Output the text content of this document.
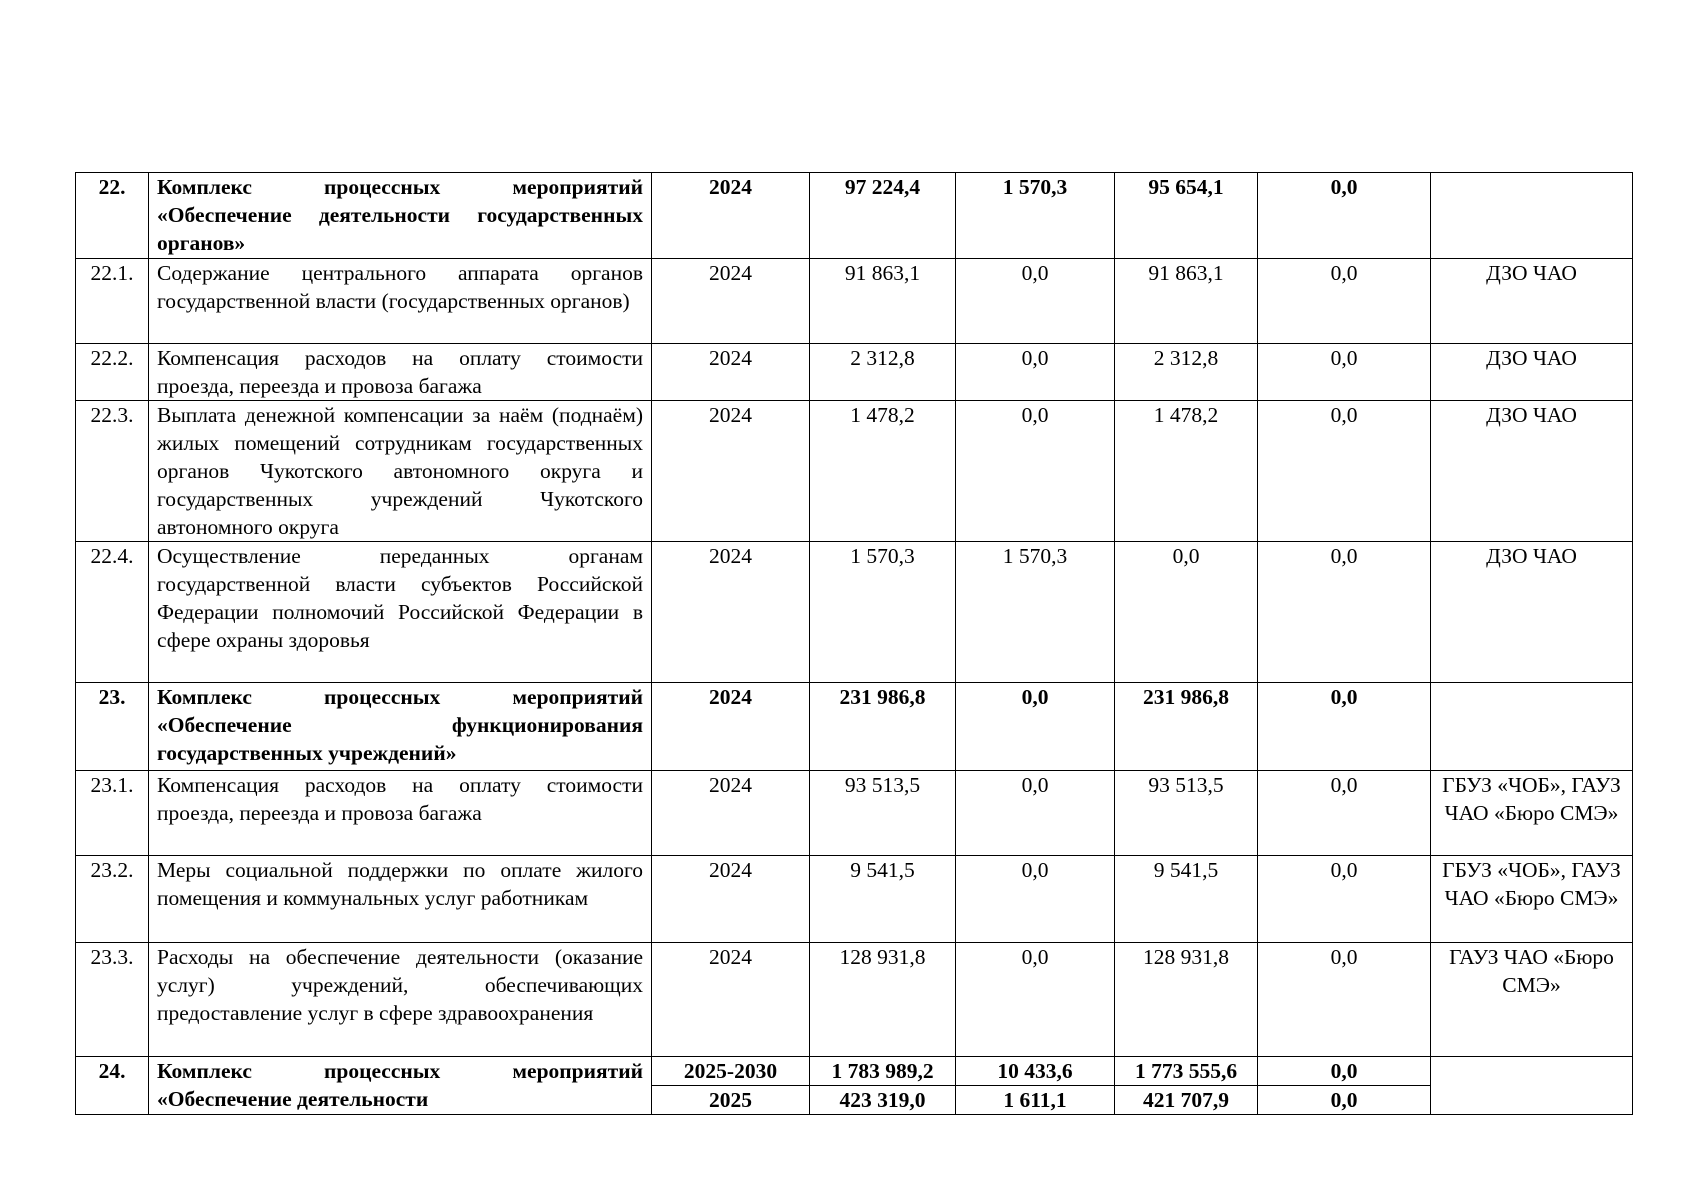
22.	Комплекс процессных мероприятий «Обеспечение деятельности государственных органов»	2024	97 224,4	1 570,3	95 654,1	0,0	
22.1.	Содержание центрального аппарата органов государственной власти (государственных органов)	2024	91 863,1	0,0	91 863,1	0,0	ДЗО ЧАО
22.2.	Компенсация расходов на оплату стоимости проезда, переезда и провоза багажа	2024	2 312,8	0,0	2 312,8	0,0	ДЗО ЧАО
22.3.	Выплата денежной компенсации за наём (поднаём) жилых помещений сотрудникам государственных органов Чукотского автономного округа и государственных учреждений Чукотского автономного округа	2024	1 478,2	0,0	1 478,2	0,0	ДЗО ЧАО
22.4.	Осуществление переданных органам государственной власти субъектов Российской Федерации полномочий Российской Федерации в сфере охраны здоровья	2024	1 570,3	1 570,3	0,0	0,0	ДЗО ЧАО
23.	Комплекс процессных мероприятий «Обеспечение функционирования государственных учреждений»	2024	231 986,8	0,0	231 986,8	0,0	
23.1.	Компенсация расходов на оплату стоимости проезда, переезда и провоза багажа	2024	93 513,5	0,0	93 513,5	0,0	ГБУЗ «ЧОБ», ГАУЗ ЧАО «Бюро СМЭ»
23.2.	Меры социальной поддержки по оплате жилого помещения и коммунальных услуг работникам	2024	9 541,5	0,0	9 541,5	0,0	ГБУЗ «ЧОБ», ГАУЗ ЧАО «Бюро СМЭ»
23.3.	Расходы на обеспечение деятельности (оказание услуг) учреждений, обеспечивающих предоставление услуг в сфере здравоохранения	2024	128 931,8	0,0	128 931,8	0,0	ГАУЗ ЧАО «Бюро СМЭ»
24.	Комплекс процессных мероприятий «Обеспечение деятельности	2025-2030	1 783 989,2	10 433,6	1 773 555,6	0,0	
		2025	423 319,0	1 611,1	421 707,9	0,0	
